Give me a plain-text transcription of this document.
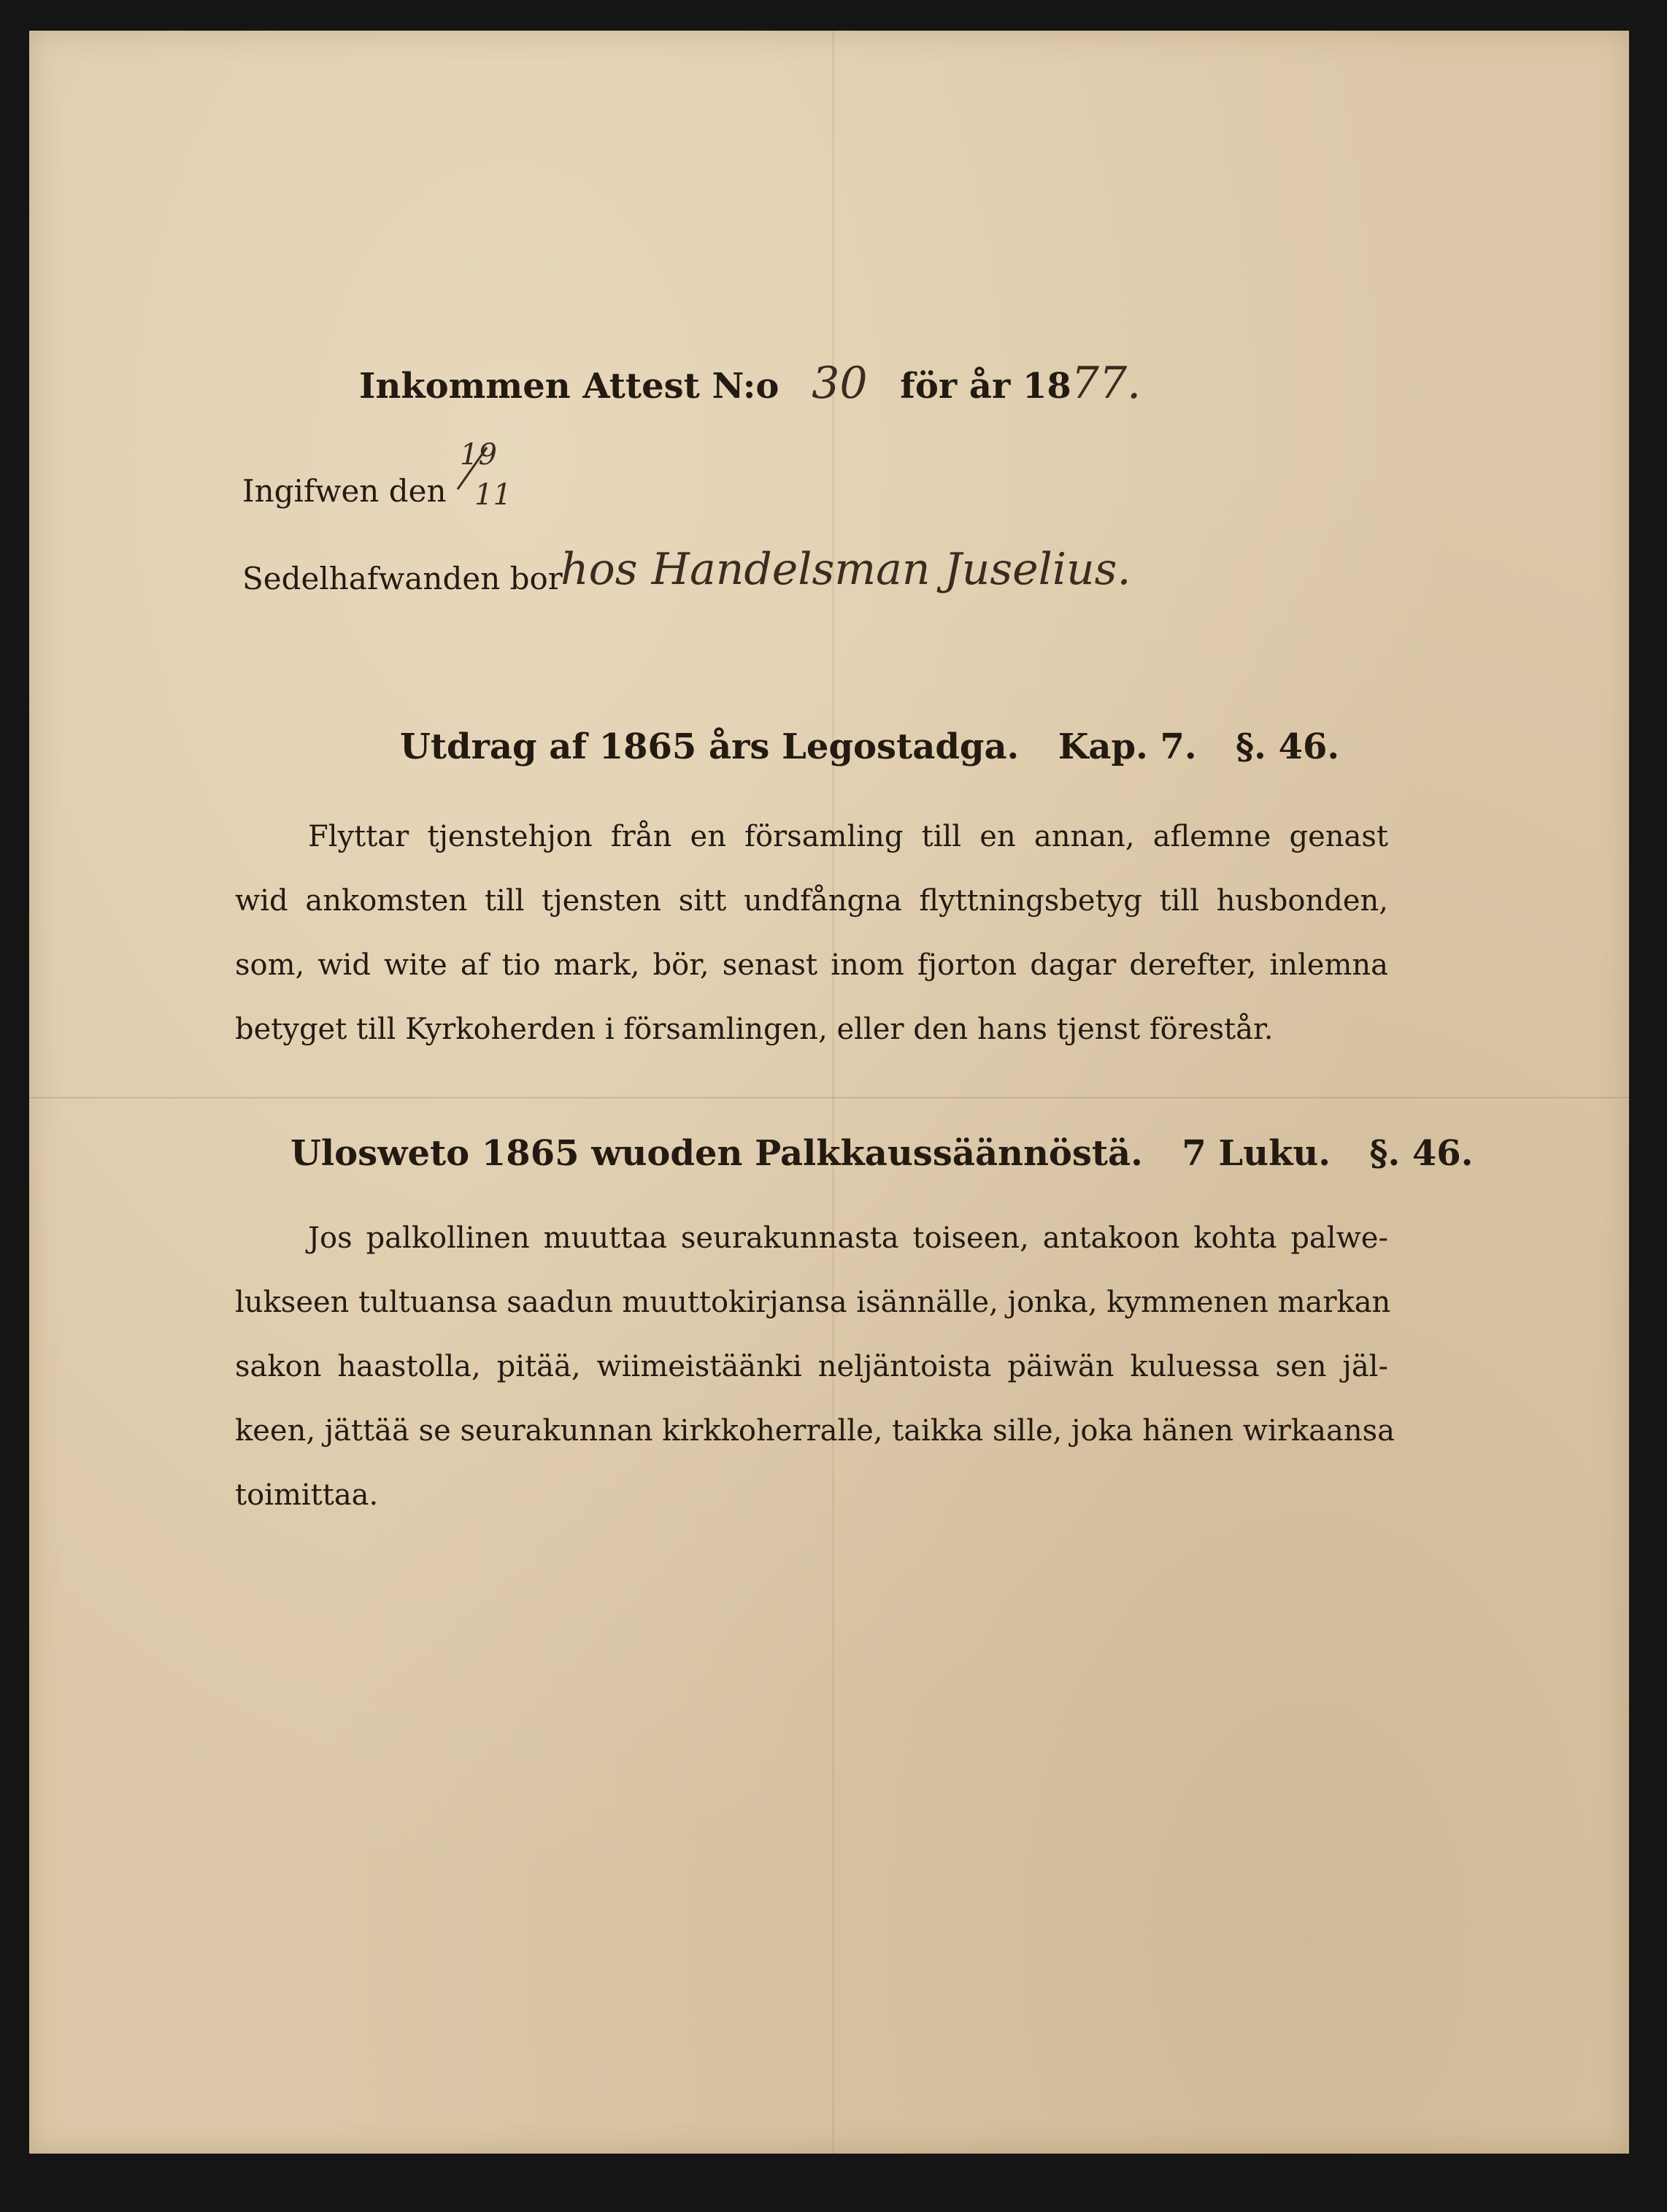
Inkommen Attest N:o 30 för år 1877.
Ingifwen den
19
11
Sedelhafwanden bor
hos Handelsman Juselius.
Utdrag af 1865 års Legostadga. Kap. 7. §. 46.
Flyttar tjenstehjon från en församling till en annan, aflemne genast
wid ankomsten till tjensten sitt undfångna flyttningsbetyg till husbonden,
som, wid wite af tio mark, bör, senast inom fjorton dagar derefter, inlemna
betyget till Kyrkoherden i församlingen, eller den hans tjenst förestår.
Ulosweto 1865 wuoden Palkkaussäännöstä. 7 Luku. §. 46.
Jos palkollinen muuttaa seurakunnasta toiseen, antakoon kohta palwe-
lukseen tultuansa saadun muuttokirjansa isännälle, jonka, kymmenen markan
sakon haastolla, pitää, wiimeistäänki neljäntoista päiwän kuluessa sen jäl-
keen, jättää se seurakunnan kirkkoherralle, taikka sille, joka hänen wirkaansa
toimittaa.
